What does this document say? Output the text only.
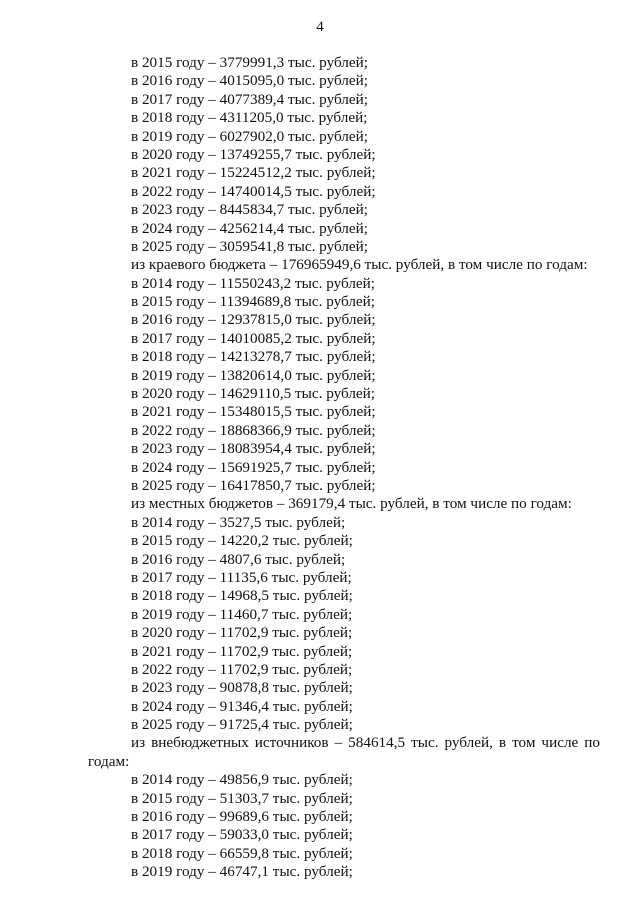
4
в 2015 году – 3779991,3 тыс. рублей;
в 2016 году – 4015095,0 тыс. рублей;
в 2017 году – 4077389,4 тыс. рублей;
в 2018 году – 4311205,0 тыс. рублей;
в 2019 году – 6027902,0 тыс. рублей;
в 2020 году – 13749255,7 тыс. рублей;
в 2021 году – 15224512,2 тыс. рублей;
в 2022 году – 14740014,5 тыс. рублей;
в 2023 году – 8445834,7 тыс. рублей;
в 2024 году – 4256214,4 тыс. рублей;
в 2025 году – 3059541,8 тыс. рублей;
из краевого бюджета – 176965949,6 тыс. рублей, в том числе по годам:
в 2014 году – 11550243,2 тыс. рублей;
в 2015 году – 11394689,8 тыс. рублей;
в 2016 году – 12937815,0 тыс. рублей;
в 2017 году – 14010085,2 тыс. рублей;
в 2018 году – 14213278,7 тыс. рублей;
в 2019 году – 13820614,0 тыс. рублей;
в 2020 году – 14629110,5 тыс. рублей;
в 2021 году – 15348015,5 тыс. рублей;
в 2022 году – 18868366,9 тыс. рублей;
в 2023 году – 18083954,4 тыс. рублей;
в 2024 году – 15691925,7 тыс. рублей;
в 2025 году – 16417850,7 тыс. рублей;
из местных бюджетов – 369179,4 тыс. рублей, в том числе по годам:
в 2014 году – 3527,5 тыс. рублей;
в 2015 году – 14220,2 тыс. рублей;
в 2016 году – 4807,6 тыс. рублей;
в 2017 году – 11135,6 тыс. рублей;
в 2018 году – 14968,5 тыс. рублей;
в 2019 году – 11460,7 тыс. рублей;
в 2020 году – 11702,9 тыс. рублей;
в 2021 году – 11702,9 тыс. рублей;
в 2022 году – 11702,9 тыс. рублей;
в 2023 году – 90878,8 тыс. рублей;
в 2024 году – 91346,4 тыс. рублей;
в 2025 году – 91725,4 тыс. рублей;
из внебюджетных источников – 584614,5 тыс. рублей, в том числе по
годам:
в 2014 году – 49856,9 тыс. рублей;
в 2015 году – 51303,7 тыс. рублей;
в 2016 году – 99689,6 тыс. рублей;
в 2017 году – 59033,0 тыс. рублей;
в 2018 году – 66559,8 тыс. рублей;
в 2019 году – 46747,1 тыс. рублей;
